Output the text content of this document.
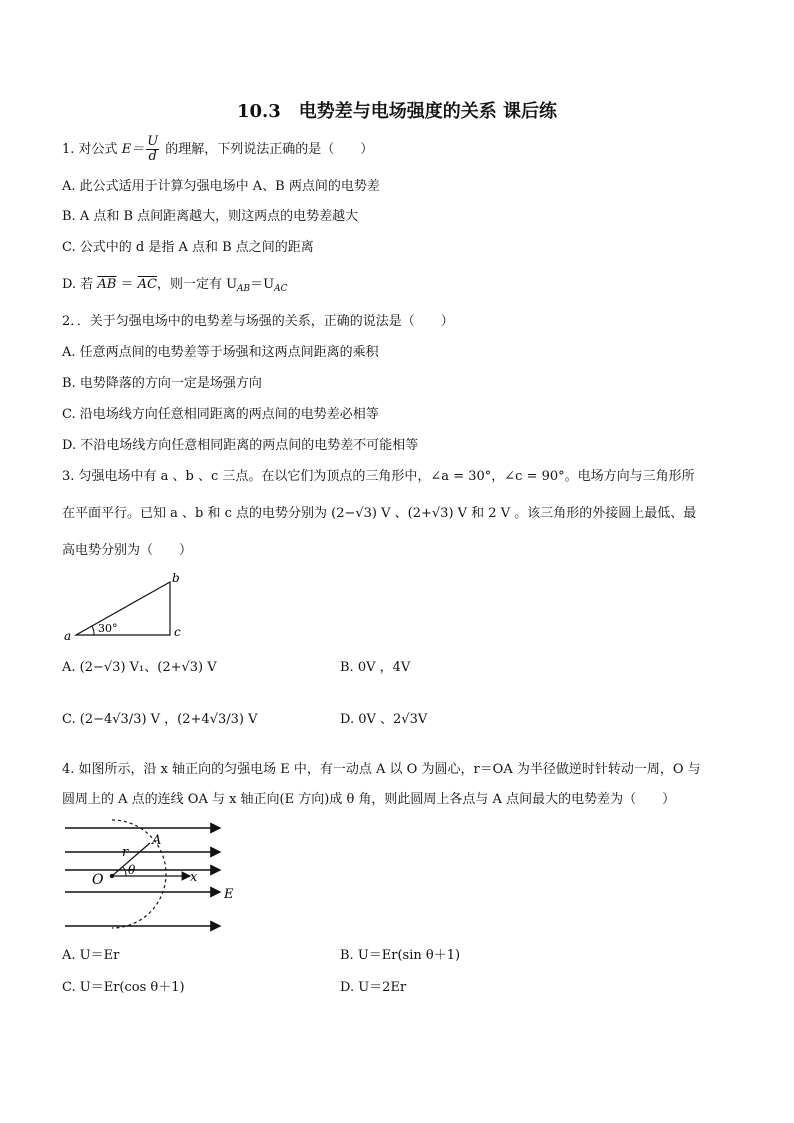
10.3　电势差与电场强度的关系 课后练
1. 对公式 $E= \frac{U}{d}$ 的理解，下列说法正确的是（　　）
A. 此公式适用于计算匀强电场中 A、B 两点间的电势差
B. A 点和 B 点间距离越大，则这两点的电势差越大
C. 公式中的 d 是指 A 点和 B 点之间的距离
D. 若 $\overline{AB} = \overline{AC}$，则一定有 $U_{AB}=U_{AC}$
2．．关于匀强电场中的电势差与场强的关系，正确的说法是（　　）
A. 任意两点间的电势差等于场强和这两点间距离的乘积
B. 电势降落的方向一定是场强方向
C. 沿电场线方向任意相同距离的两点间的电势差必相等
D. 不沿电场线方向任意相同距离的两点间的电势差不可能相等
3. 匀强电场中有 a 、b 、c 三点。在以它们为顶点的三角形中，∠a = 30°，∠c = 90°。电场方向与三角形所
在平面平行。已知 a 、b 和 c 点的电势分别为 (2−√3) V 、(2+√3) V 和 2 V 。该三角形的外接圆上最低、最
高电势分别为（　　）
a
b
c
30°
A. (2−√3) V₁、(2+√3) V	B. 0V ，4V
C. (2−4√3/3) V ，(2+4√3/3) V	D. 0V 、2√3V
4. 如图所示，沿 x 轴正向的匀强电场 E 中，有一动点 A 以 O 为圆心，r＝OA 为半径做逆时针转动一周，O 与
圆周上的 A 点的连线 OA 与 x 轴正向(E 方向)成 θ 角，则此圆周上各点与 A 点间最大的电势差为（　　）
O
A
r
θ	x
E
A. U＝Er	B. U＝Er(sin θ＋1)
C. U＝Er(cos θ＋1)	D. U＝2Er
